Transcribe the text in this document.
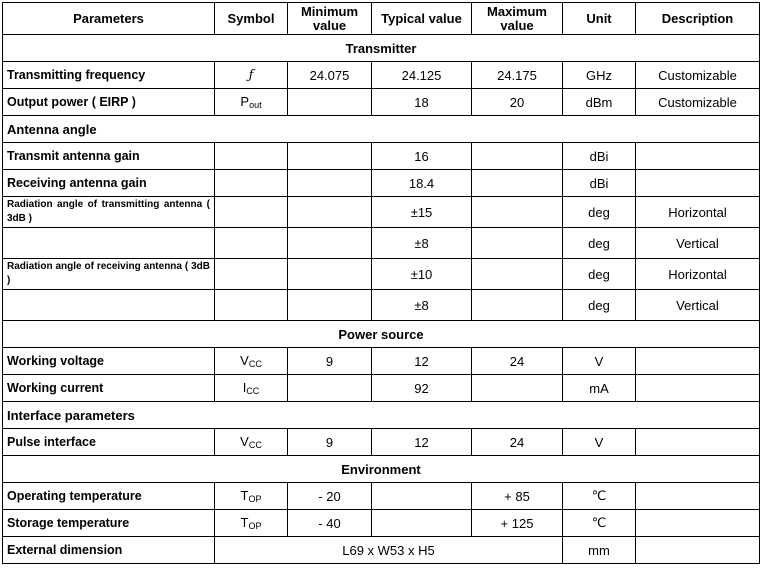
Parameters	Symbol	Minimum value	Typical value	Maximum value	Unit	Description
Transmitter						
Transmitting frequency	ƒ	24.075	24.125	24.175	GHz	Customizable
Output power ( EIRP )	$P_{out}$		18	20	dBm	Customizable
Antenna angle						
Transmit antenna gain			16		dBi	
Receiving antenna gain			18.4		dBi	
Radiation angle of transmitting antenna ( 3dB )			±15		deg	Horizontal
			±8		deg	Vertical
Radiation angle of receiving antenna ( 3dB )			±10		deg	Horizontal
			±8		deg	Vertical
Power source						
Working voltage	$V_{CC}$	9	12	24	V	
Working current	$I_{CC}$		92		mA	
Interface parameters						
Pulse interface	$V_{CC}$	9	12	24	V	
Environment						
Operating temperature	$T_{OP}$	- 20		+ 85	℃	
Storage temperature	$T_{OP}$	- 40		+ 125	℃	
External dimension	L69 x W53 x H5				mm	
